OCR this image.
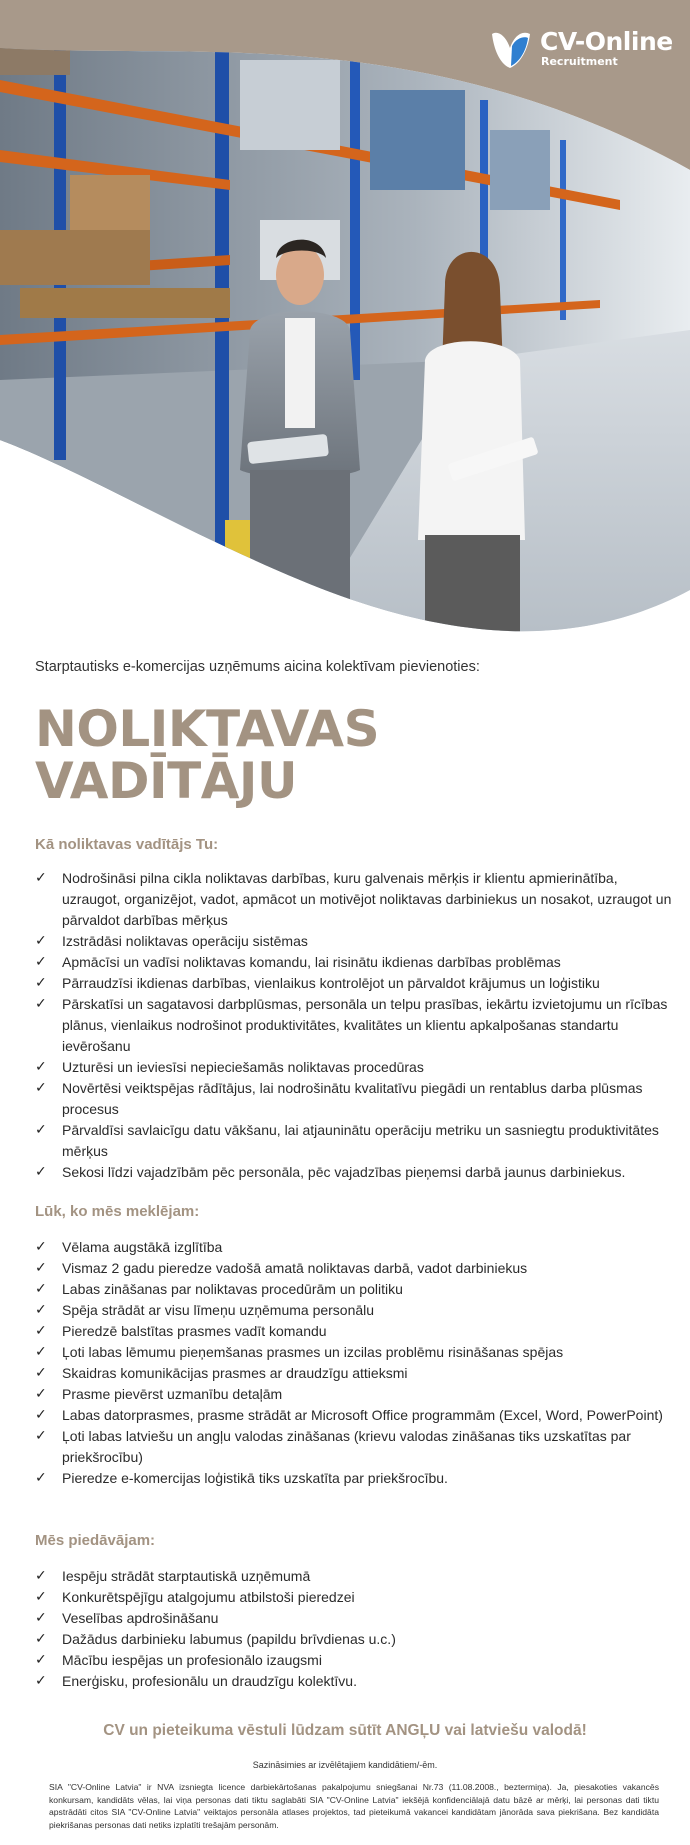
CV-Online
Recruitment
Starptautisks e-komercijas uzņēmums aicina kolektīvam pievienoties:
NOLIKTAVAS
VADĪTĀJU
Kā noliktavas vadītājs Tu:
✓ Nodrošināsi pilna cikla noliktavas darbības, kuru galvenais mērķis ir klientu apmierinātība, uzraugot, organizējot, vadot, apmācot un motivējot noliktavas darbiniekus un nosakot, uzraugot un pārvaldot darbības mērķus
✓ Izstrādāsi noliktavas operāciju sistēmas
✓ Apmācīsi un vadīsi noliktavas komandu, lai risinātu ikdienas darbības problēmas
✓ Pārraudzīsi ikdienas darbības, vienlaikus kontrolējot un pārvaldot krājumus un loģistiku
✓ Pārskatīsi un sagatavosi darbplūsmas, personāla un telpu prasības, iekārtu izvietojumu un rīcības plānus, vienlaikus nodrošinot produktivitātes, kvalitātes un klientu apkalpošanas standartu ievērošanu
✓ Uzturēsi un ieviesīsi nepieciešamās noliktavas procedūras
✓ Novērtēsi veiktspējas rādītājus, lai nodrošinātu kvalitatīvu piegādi un rentablus darba plūsmas procesus
✓ Pārvaldīsi savlaicīgu datu vākšanu, lai atjauninātu operāciju metriku un sasniegtu produktivitātes mērķus
✓ Sekosi līdzi vajadzībām pēc personāla, pēc vajadzības pieņemsi darbā jaunus darbiniekus.
Lūk, ko mēs meklējam:
✓ Vēlama augstākā izglītība
✓ Vismaz 2 gadu pieredze vadošā amatā noliktavas darbā, vadot darbiniekus
✓ Labas zināšanas par noliktavas procedūrām un politiku
✓ Spēja strādāt ar visu līmeņu uzņēmuma personālu
✓ Pieredzē balstītas prasmes vadīt komandu
✓ Ļoti labas lēmumu pieņemšanas prasmes un izcilas problēmu risināšanas spējas
✓ Skaidras komunikācijas prasmes ar draudzīgu attieksmi
✓ Prasme pievērst uzmanību detaļām
✓ Labas datorprasmes, prasme strādāt ar Microsoft Office programmām (Excel, Word, PowerPoint)
✓ Ļoti labas latviešu un angļu valodas zināšanas (krievu valodas zināšanas tiks uzskatītas par priekšrocību)
✓ Pieredze e-komercijas loģistikā tiks uzskatīta par priekšrocību.
Mēs piedāvājam:
✓ Iespēju strādāt starptautiskā uzņēmumā
✓ Konkurētspējīgu atalgojumu atbilstoši pieredzei
✓ Veselības apdrošināšanu
✓ Dažādus darbinieku labumus (papildu brīvdienas u.c.)
✓ Mācību iespējas un profesionālo izaugsmi
✓ Enerģisku, profesionālu un draudzīgu kolektīvu.
CV un pieteikuma vēstuli lūdzam sūtīt ANGĻU vai latviešu valodā!
Sazināsimies ar izvēlētajiem kandidātiem/-ēm.
SIA "CV-Online Latvia" ir NVA izsniegta licence darbiekārtošanas pakalpojumu sniegšanai Nr.73 (11.08.2008., beztermiņa). Ja, piesakoties vakancēs konkursam, kandidāts vēlas, lai viņa personas dati tiktu saglabāti SIA "CV-Online Latvia" iekšējā konfidenciālajā datu bāzē ar mērķi, lai personas dati tiktu apstrādāti citos SIA "CV-Online Latvia" veiktajos personāla atlases projektos, tad pieteikumā vakancei kandidātam jānorāda sava piekrišana. Bez kandidāta piekrišanas personas dati netiks izplatīti trešajām personām.
